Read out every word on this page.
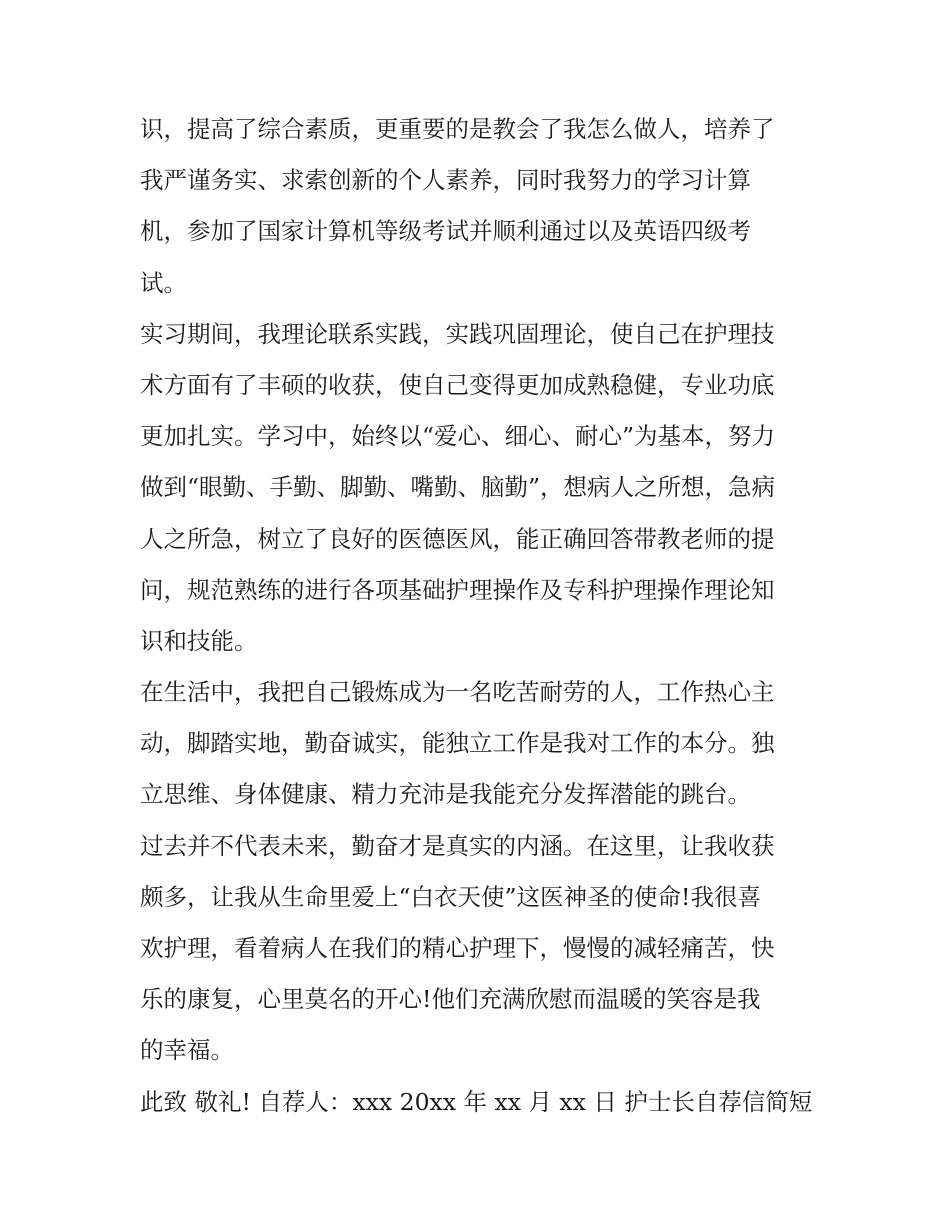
识，提高了综合素质，更重要的是教会了我怎么做人，培养了
我严谨务实、求索创新的个人素养，同时我努力的学习计算
机，参加了国家计算机等级考试并顺利通过以及英语四级考
试。
实习期间，我理论联系实践，实践巩固理论，使自己在护理技
术方面有了丰硕的收获，使自己变得更加成熟稳健，专业功底
更加扎实。学习中，始终以“爱心、细心、耐心”为基本，努力
做到“眼勤、手勤、脚勤、嘴勤、脑勤”，想病人之所想，急病
人之所急，树立了良好的医德医风，能正确回答带教老师的提
问，规范熟练的进行各项基础护理操作及专科护理操作理论知
识和技能。
在生活中，我把自己锻炼成为一名吃苦耐劳的人，工作热心主
动，脚踏实地，勤奋诚实，能独立工作是我对工作的本分。独
立思维、身体健康、精力充沛是我能充分发挥潜能的跳台。
过去并不代表未来，勤奋才是真实的内涵。在这里，让我收获
颇多，让我从生命里爱上“白衣天使”这医神圣的使命!我很喜
欢护理，看着病人在我们的精心护理下，慢慢的减轻痛苦，快
乐的康复，心里莫名的开心!他们充满欣慰而温暖的笑容是我
的幸福。
此致 敬礼! 自荐人：xxx 20xx 年 xx 月 xx 日 护士长自荐信简短
